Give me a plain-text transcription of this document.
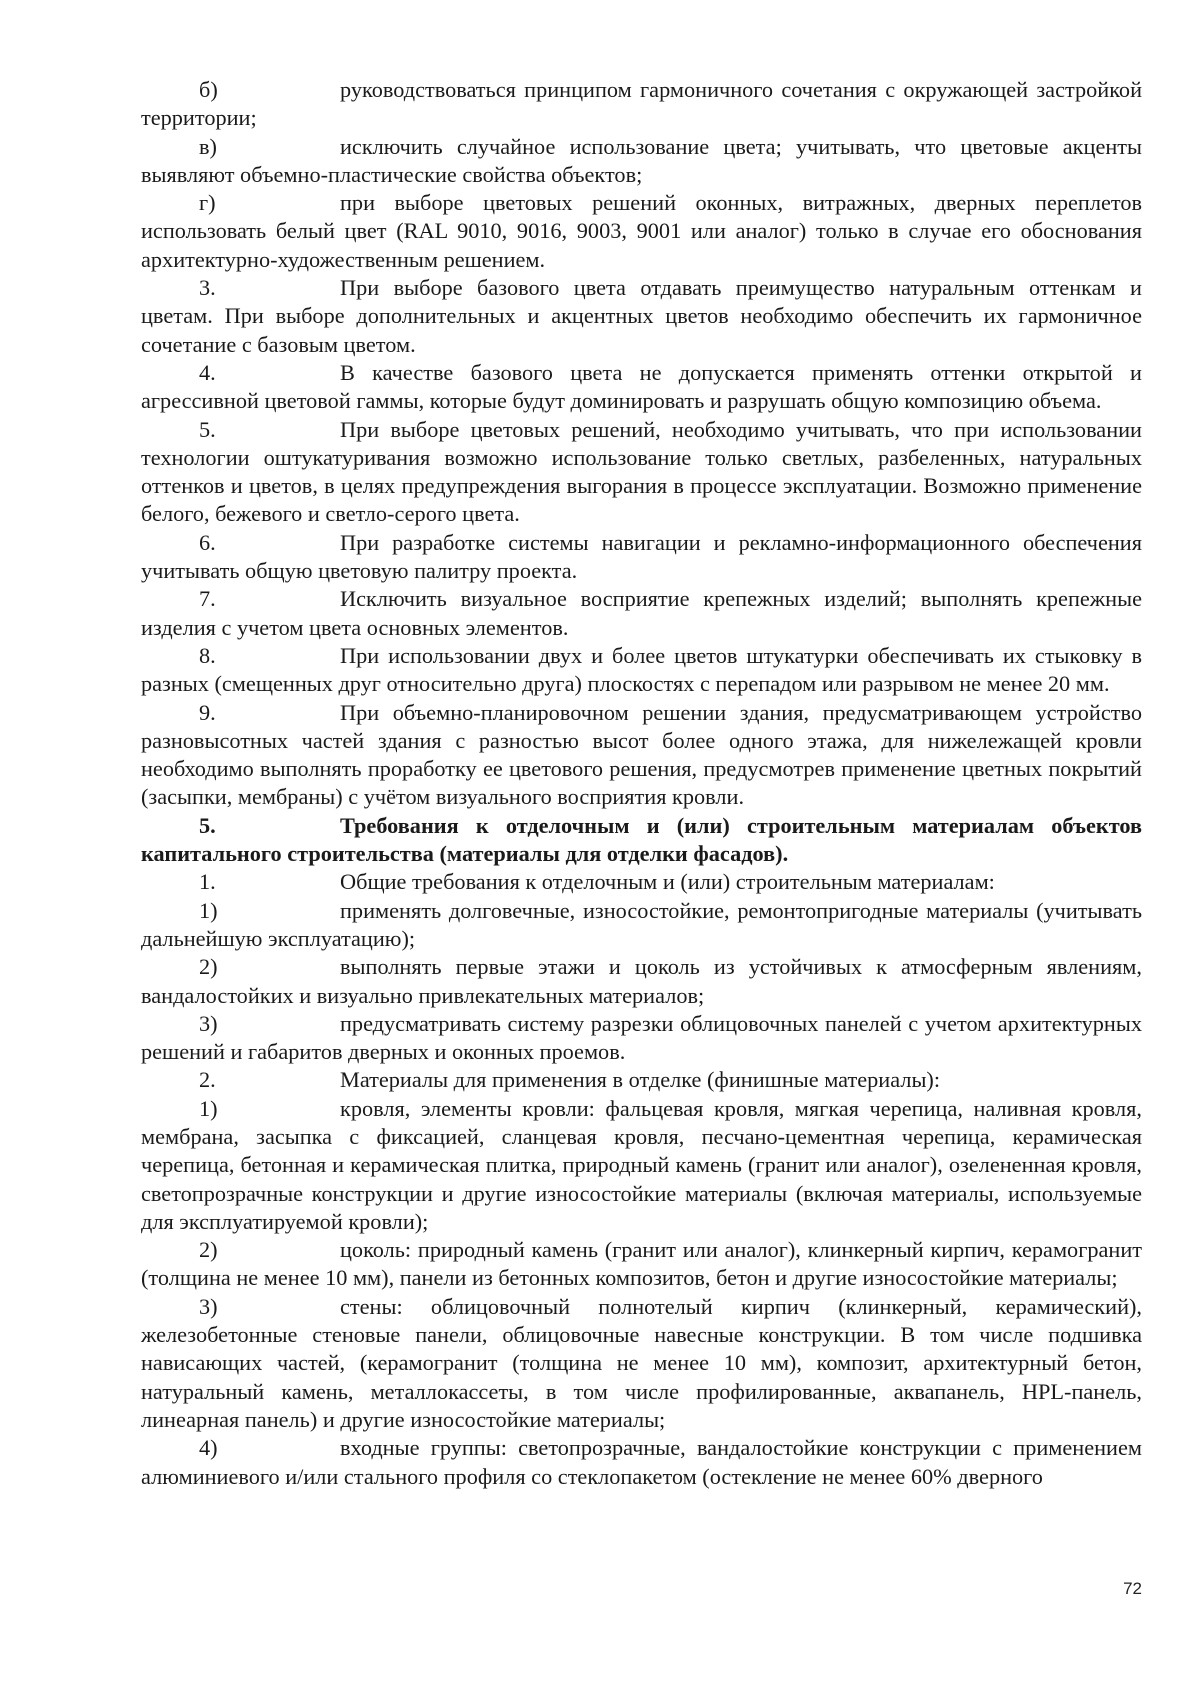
б)	руководствоваться принципом гармоничного сочетания с окружающей застройкой территории;

в)	исключить случайное использование цвета; учитывать, что цветовые акценты выявляют объемно-пластические свойства объектов;

г)	при выборе цветовых решений оконных, витражных, дверных переплетов использовать белый цвет (RAL 9010, 9016, 9003, 9001 или аналог) только в случае его обоснования архитектурно-художественным решением.

3.	При выборе базового цвета отдавать преимущество натуральным оттенкам и цветам. При выборе дополнительных и акцентных цветов необходимо обеспечить их гармоничное сочетание с базовым цветом.

4.	В качестве базового цвета не допускается применять оттенки открытой и агрессивной цветовой гаммы, которые будут доминировать и разрушать общую композицию объема.

5.	При выборе цветовых решений, необходимо учитывать, что при использовании технологии оштукатуривания возможно использование только светлых, разбеленных, натуральных оттенков и цветов, в целях предупреждения выгорания в процессе эксплуатации. Возможно применение белого, бежевого и светло-серого цвета.

6.	При разработке системы навигации и рекламно-информационного обеспечения учитывать общую цветовую палитру проекта.

7.	Исключить визуальное восприятие крепежных изделий; выполнять крепежные изделия с учетом цвета основных элементов.

8.	При использовании двух и более цветов штукатурки обеспечивать их стыковку в разных (смещенных друг относительно друга) плоскостях с перепадом или разрывом не менее 20 мм.

9.	При объемно-планировочном решении здания, предусматривающем устройство разновысотных частей здания с разностью высот более одного этажа, для нижележащей кровли необходимо выполнять проработку ее цветового решения, предусмотрев применение цветных покрытий (засыпки, мембраны) с учётом визуального восприятия кровли.

5.	Требования к отделочным и (или) строительным материалам объектов капитального строительства (материалы для отделки фасадов).

1.	Общие требования к отделочным и (или) строительным материалам:

1)	применять долговечные, износостойкие, ремонтопригодные материалы (учитывать дальнейшую эксплуатацию);

2)	выполнять первые этажи и цоколь из устойчивых к атмосферным явлениям, вандалостойких и визуально привлекательных материалов;

3)	предусматривать систему разрезки облицовочных панелей с учетом архитектурных решений и габаритов дверных и оконных проемов.

2.	Материалы для применения в отделке (финишные материалы):

1)	кровля, элементы кровли: фальцевая кровля, мягкая черепица, наливная кровля, мембрана, засыпка с фиксацией, сланцевая кровля, песчано-цементная черепица, керамическая черепица, бетонная и керамическая плитка, природный камень (гранит или аналог), озелененная кровля, светопрозрачные конструкции и другие износостойкие материалы (включая материалы, используемые для эксплуатируемой кровли);

2)	цоколь: природный камень (гранит или аналог), клинкерный кирпич, керамогранит (толщина не менее 10 мм), панели из бетонных композитов, бетон и другие износостойкие материалы;

3)	стены: облицовочный полнотелый кирпич (клинкерный, керамический), железобетонные стеновые панели, облицовочные навесные конструкции. В том числе подшивка нависающих частей, (керамогранит (толщина не менее 10 мм), композит, архитектурный бетон, натуральный камень, металлокассеты, в том числе профилированные, аквапанель, HPL-панель, линеарная панель) и другие износостойкие материалы;

4)	входные группы: светопрозрачные, вандалостойкие конструкции с применением алюминиевого и/или стального профиля со стеклопакетом (остекление не менее 60% дверного

72
